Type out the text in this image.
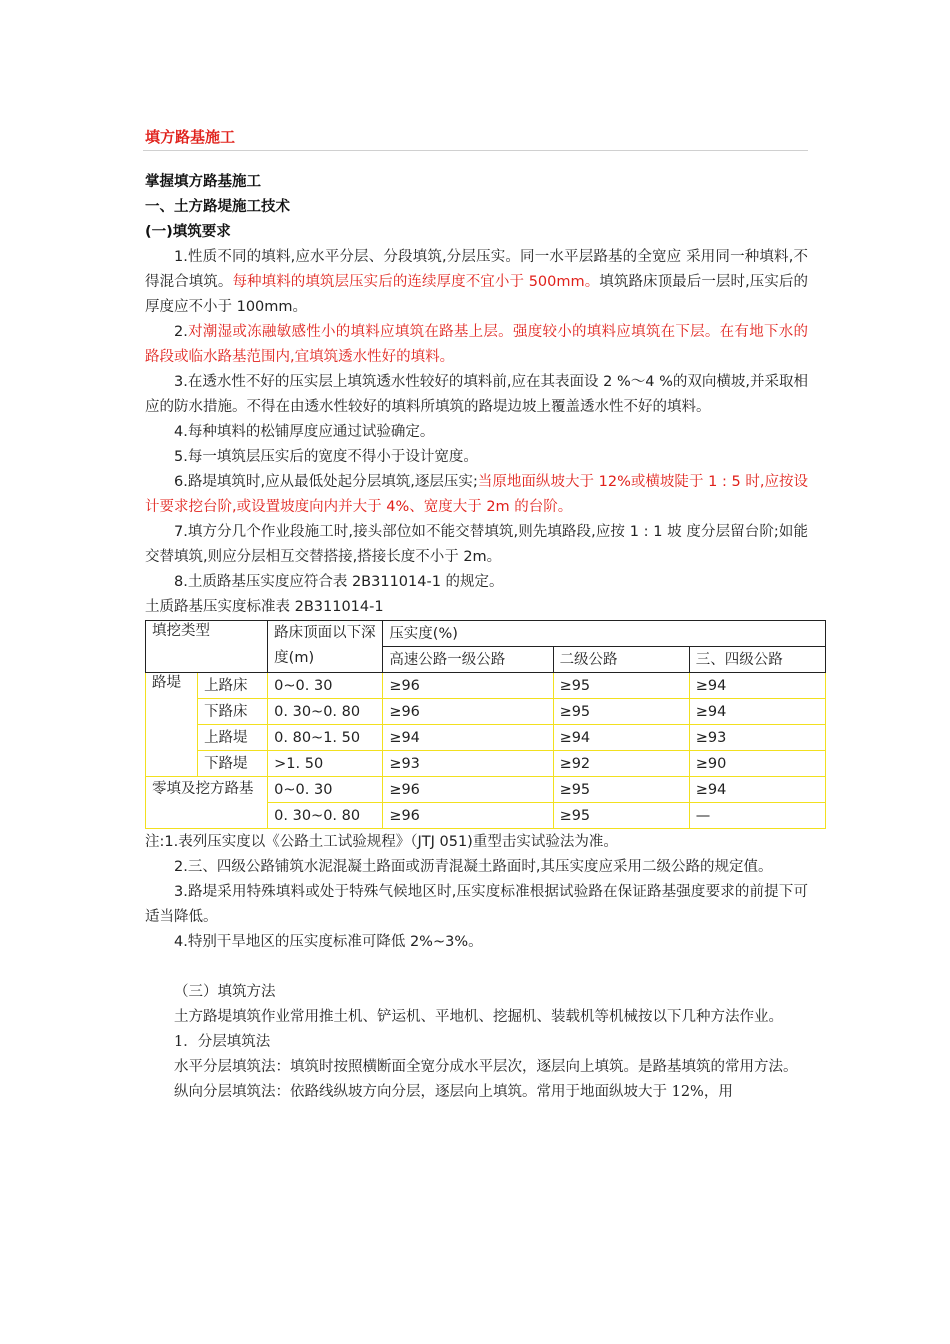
填方路基施工
掌握填方路基施工
一、土方路堤施工技术
(一)填筑要求
1.性质不同的填料,应水平分层、分段填筑,分层压实。同一水平层路基的全宽应 采用同一种填料,不得混合填筑。每种填料的填筑层压实后的连续厚度不宜小于 500mm。填筑路床顶最后一层时,压实后的厚度应不小于 100mm。
2.对潮湿或冻融敏感性小的填料应填筑在路基上层。强度较小的填料应填筑在下层。在有地下水的路段或临水路基范围内,宜填筑透水性好的填料。
3.在透水性不好的压实层上填筑透水性较好的填料前,应在其表面设 2 %～4 %的双向横坡,并采取相应的防水措施。不得在由透水性较好的填料所填筑的路堤边坡上覆盖透水性不好的填料。
4.每种填料的松铺厚度应通过试验确定。
5.每一填筑层压实后的宽度不得小于设计宽度。
6.路堤填筑时,应从最低处起分层填筑,逐层压实;当原地面纵坡大于 12%或横坡陡于 1 : 5 时,应按设计要求挖台阶,或设置坡度向内并大于 4%、宽度大于 2m 的台阶。
7.填方分几个作业段施工时,接头部位如不能交替填筑,则先填路段,应按 1 : 1 坡 度分层留台阶;如能交替填筑,则应分层相互交替搭接,搭接长度不小于 2m。
8.土质路基压实度应符合表 2B311014-1 的规定。
土质路基压实度标准表 2B311014-1
填挖类型		路床顶面以下深度(m)	压实度(%)		
			高速公路一级公路	二级公路	三、四级公路
路堤	上路床	0~0. 30	≥96	≥95	≥94
	下路床	0. 30~0. 80	≥96	≥95	≥94
	上路堤	0. 80~1. 50	≥94	≥94	≥93
	下路堤	>1. 50	≥93	≥92	≥90
零填及挖方路基		0~0. 30	≥96	≥95	≥94
		0. 30~0. 80	≥96	≥95	—
注:1.表列压实度以《公路土工试验规程》（JTJ 051)重型击实试验法为准。
2.三、四级公路铺筑水泥混凝土路面或沥青混凝土路面时,其压实度应采用二级公路的规定值。
3.路堤采用特殊填料或处于特殊气候地区时,压实度标准根据试验路在保证路基强度要求的前提下可适当降低。
4.特别干旱地区的压实度标准可降低 2%~3%。
（三）填筑方法
土方路堤填筑作业常用推土机、铲运机、平地机、挖掘机、装载机等机械按以下几种方法作业。
1．分层填筑法
水平分层填筑法：填筑时按照横断面全宽分成水平层次，逐层向上填筑。是路基填筑的常用方法。
纵向分层填筑法：依路线纵坡方向分层，逐层向上填筑。常用于地面纵坡大于 12%，用
